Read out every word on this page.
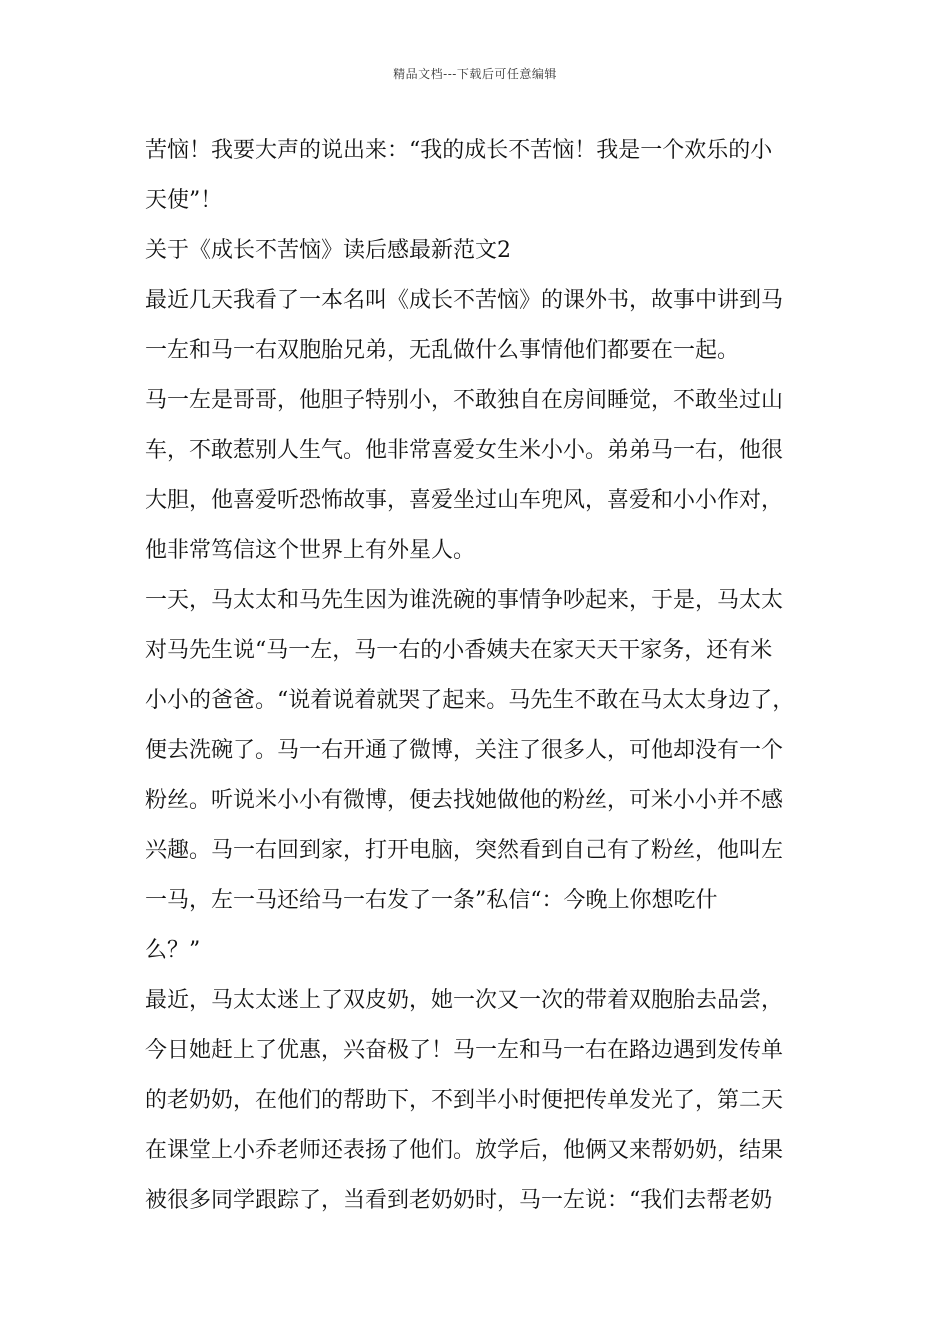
精品文档---下载后可任意编辑
苦恼！我要大声的说出来：“我的成长不苦恼！我是一个欢乐的小
天使”！
关于《成长不苦恼》读后感最新范文2
最近几天我看了一本名叫《成长不苦恼》的课外书，故事中讲到马
一左和马一右双胞胎兄弟，无乱做什么事情他们都要在一起。
马一左是哥哥，他胆子特别小，不敢独自在房间睡觉，不敢坐过山
车，不敢惹别人生气。他非常喜爱女生米小小。弟弟马一右，他很
大胆，他喜爱听恐怖故事，喜爱坐过山车兜风，喜爱和小小作对，
他非常笃信这个世界上有外星人。
一天，马太太和马先生因为谁洗碗的事情争吵起来，于是，马太太
对马先生说“马一左，马一右的小香姨夫在家天天干家务，还有米
小小的爸爸。“说着说着就哭了起来。马先生不敢在马太太身边了，
便去洗碗了。马一右开通了微博，关注了很多人，可他却没有一个
粉丝。听说米小小有微博，便去找她做他的粉丝，可米小小并不感
兴趣。马一右回到家，打开电脑，突然看到自己有了粉丝，他叫左
一马，左一马还给马一右发了一条”私信“：今晚上你想吃什
么？”
最近，马太太迷上了双皮奶，她一次又一次的带着双胞胎去品尝，
今日她赶上了优惠，兴奋极了！马一左和马一右在路边遇到发传单
的老奶奶，在他们的帮助下，不到半小时便把传单发光了，第二天
在课堂上小乔老师还表扬了他们。放学后，他俩又来帮奶奶，结果
被很多同学跟踪了，当看到老奶奶时，马一左说：“我们去帮老奶
